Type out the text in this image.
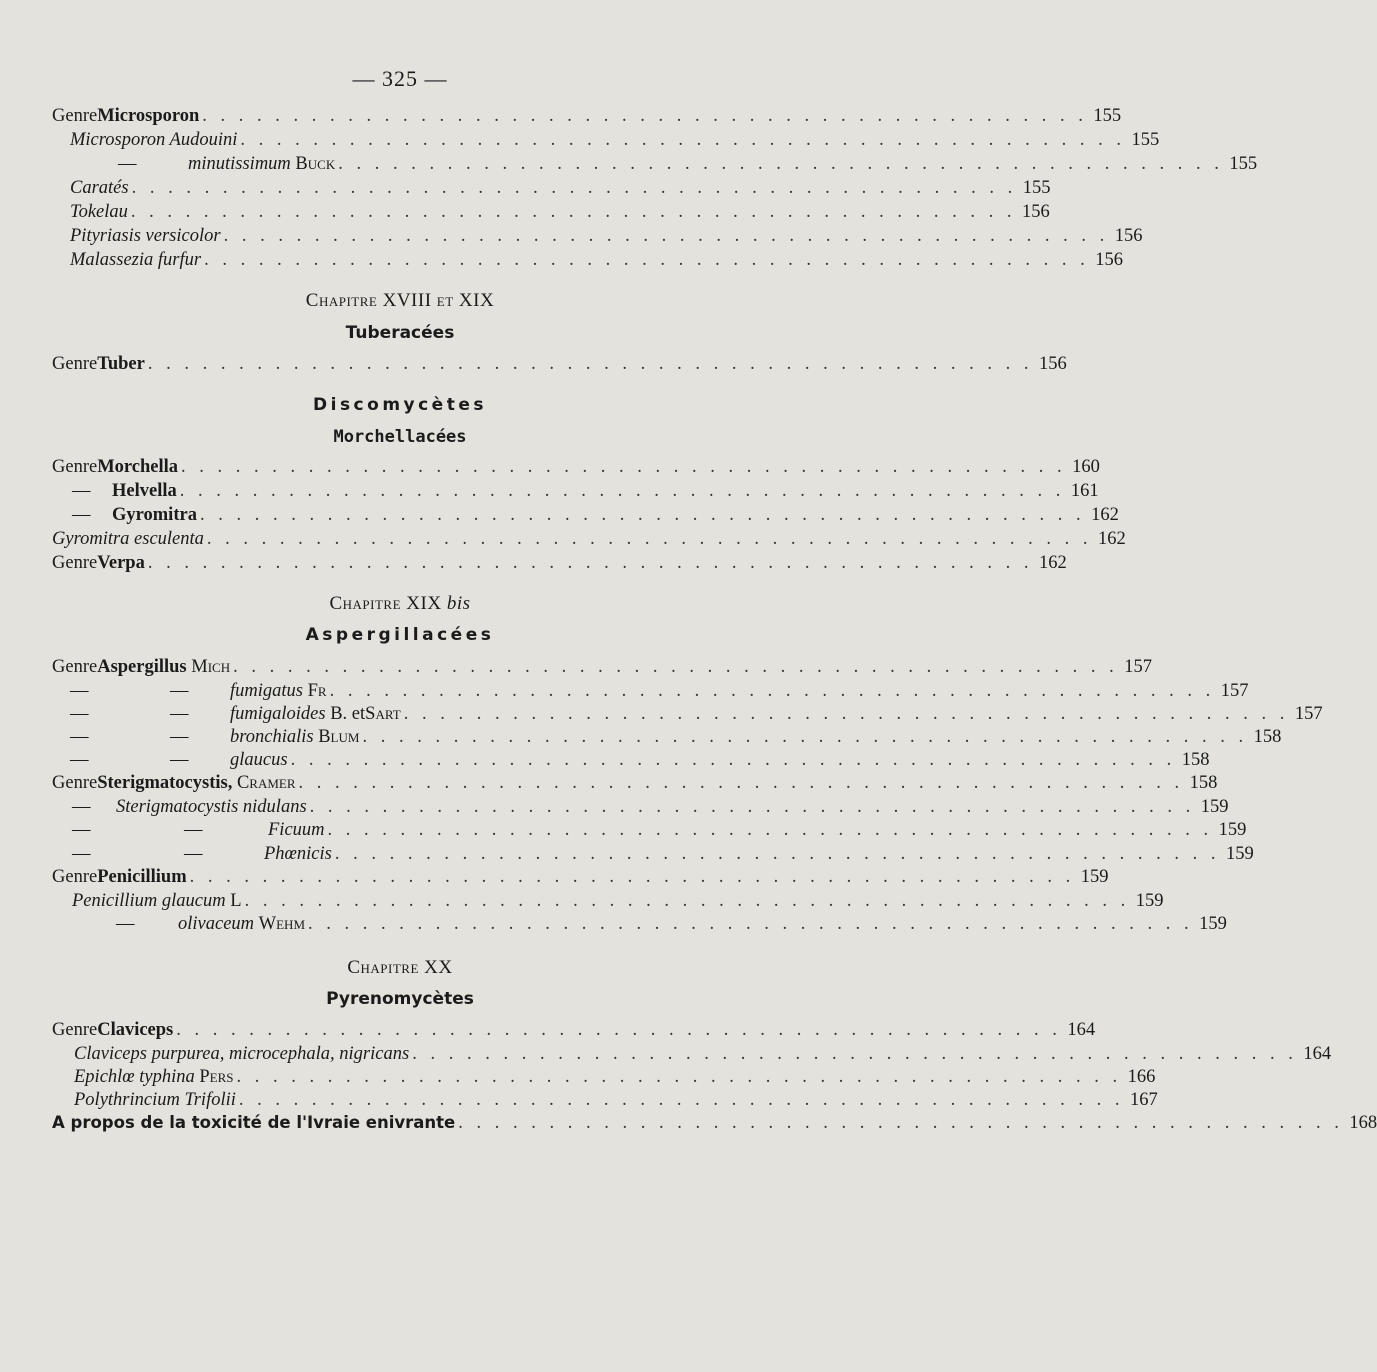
— 325 —
Genre Microsporon . . . . . . . . . . . . . . . . . . . . . . . . . . . . . . . . . . . . . . . . . . . . . . . . . 155
Microsporon Audouini . . . . . . . . . . . . . . . . . . . . . . . . . . . . . . . . . . . . . . . . . . . . . . . . . 155
—	minutissimum
Buck . . . . . . . . . . . . . . . . . . . . . . . . . . . . . . . . . . . . . . . . . . . . . . . . . 155
Caratés . . . . . . . . . . . . . . . . . . . . . . . . . . . . . . . . . . . . . . . . . . . . . . . . . 155
Tokelau . . . . . . . . . . . . . . . . . . . . . . . . . . . . . . . . . . . . . . . . . . . . . . . . . 156
Pityriasis versicolor . . . . . . . . . . . . . . . . . . . . . . . . . . . . . . . . . . . . . . . . . . . . . . . . . 156
Malassezia furfur . . . . . . . . . . . . . . . . . . . . . . . . . . . . . . . . . . . . . . . . . . . . . . . . . 156
Chapitre XVIII et XIX
Tuberacées
Genre Tuber . . . . . . . . . . . . . . . . . . . . . . . . . . . . . . . . . . . . . . . . . . . . . . . . . 156
Discomycètes
Morchellacées
Genre Morchella . . . . . . . . . . . . . . . . . . . . . . . . . . . . . . . . . . . . . . . . . . . . . . . . . 160
—	Helvella . . . . . . . . . . . . . . . . . . . . . . . . . . . . . . . . . . . . . . . . . . . . . . . . . 161
—	Gyromitra . . . . . . . . . . . . . . . . . . . . . . . . . . . . . . . . . . . . . . . . . . . . . . . . . 162
Gyromitra esculenta . . . . . . . . . . . . . . . . . . . . . . . . . . . . . . . . . . . . . . . . . . . . . . . . . 162
Genre Verpa . . . . . . . . . . . . . . . . . . . . . . . . . . . . . . . . . . . . . . . . . . . . . . . . . 162
Chapitre XIX bis
Aspergillacées
Genre Aspergillus
Mich . . . . . . . . . . . . . . . . . . . . . . . . . . . . . . . . . . . . . . . . . . . . . . . . . 157
—	—	fumigatus
Fr . . . . . . . . . . . . . . . . . . . . . . . . . . . . . . . . . . . . . . . . . . . . . . . . . 157
—	—	fumigaloides
B. et Sart . . . . . . . . . . . . . . . . . . . . . . . . . . . . . . . . . . . . . . . . . . . . . . . . . 157
—	—	bronchialis
Blum . . . . . . . . . . . . . . . . . . . . . . . . . . . . . . . . . . . . . . . . . . . . . . . . . 158
—	—	glaucus . . . . . . . . . . . . . . . . . . . . . . . . . . . . . . . . . . . . . . . . . . . . . . . . . 158
Genre Sterigmatocystis,
Cramer . . . . . . . . . . . . . . . . . . . . . . . . . . . . . . . . . . . . . . . . . . . . . . . . . 158
—	Sterigmatocystis nidulans . . . . . . . . . . . . . . . . . . . . . . . . . . . . . . . . . . . . . . . . . . . . . . . . . 159
—	—	Ficuum . . . . . . . . . . . . . . . . . . . . . . . . . . . . . . . . . . . . . . . . . . . . . . . . . 159
—	—	Phœnicis . . . . . . . . . . . . . . . . . . . . . . . . . . . . . . . . . . . . . . . . . . . . . . . . . 159
Genre Penicillium . . . . . . . . . . . . . . . . . . . . . . . . . . . . . . . . . . . . . . . . . . . . . . . . . 159
Penicillium glaucum
L . . . . . . . . . . . . . . . . . . . . . . . . . . . . . . . . . . . . . . . . . . . . . . . . . 159
—	olivaceum
Wehm . . . . . . . . . . . . . . . . . . . . . . . . . . . . . . . . . . . . . . . . . . . . . . . . . 159
Chapitre XX
Pyrenomycètes
Genre Claviceps . . . . . . . . . . . . . . . . . . . . . . . . . . . . . . . . . . . . . . . . . . . . . . . . . 164
Claviceps purpurea, microcephala, nigricans . . . . . . . . . . . . . . . . . . . . . . . . . . . . . . . . . . . . . . . . . . . . . . . . . 164
Epichlœ typhina
Pers . . . . . . . . . . . . . . . . . . . . . . . . . . . . . . . . . . . . . . . . . . . . . . . . . 166
Polythrincium Trifolii . . . . . . . . . . . . . . . . . . . . . . . . . . . . . . . . . . . . . . . . . . . . . . . . . 167
A propos de la toxicité de l'Ivraie enivrante . . . . . . . . . . . . . . . . . . . . . . . . . . . . . . . . . . . . . . . . . . . . . . . . . 168
